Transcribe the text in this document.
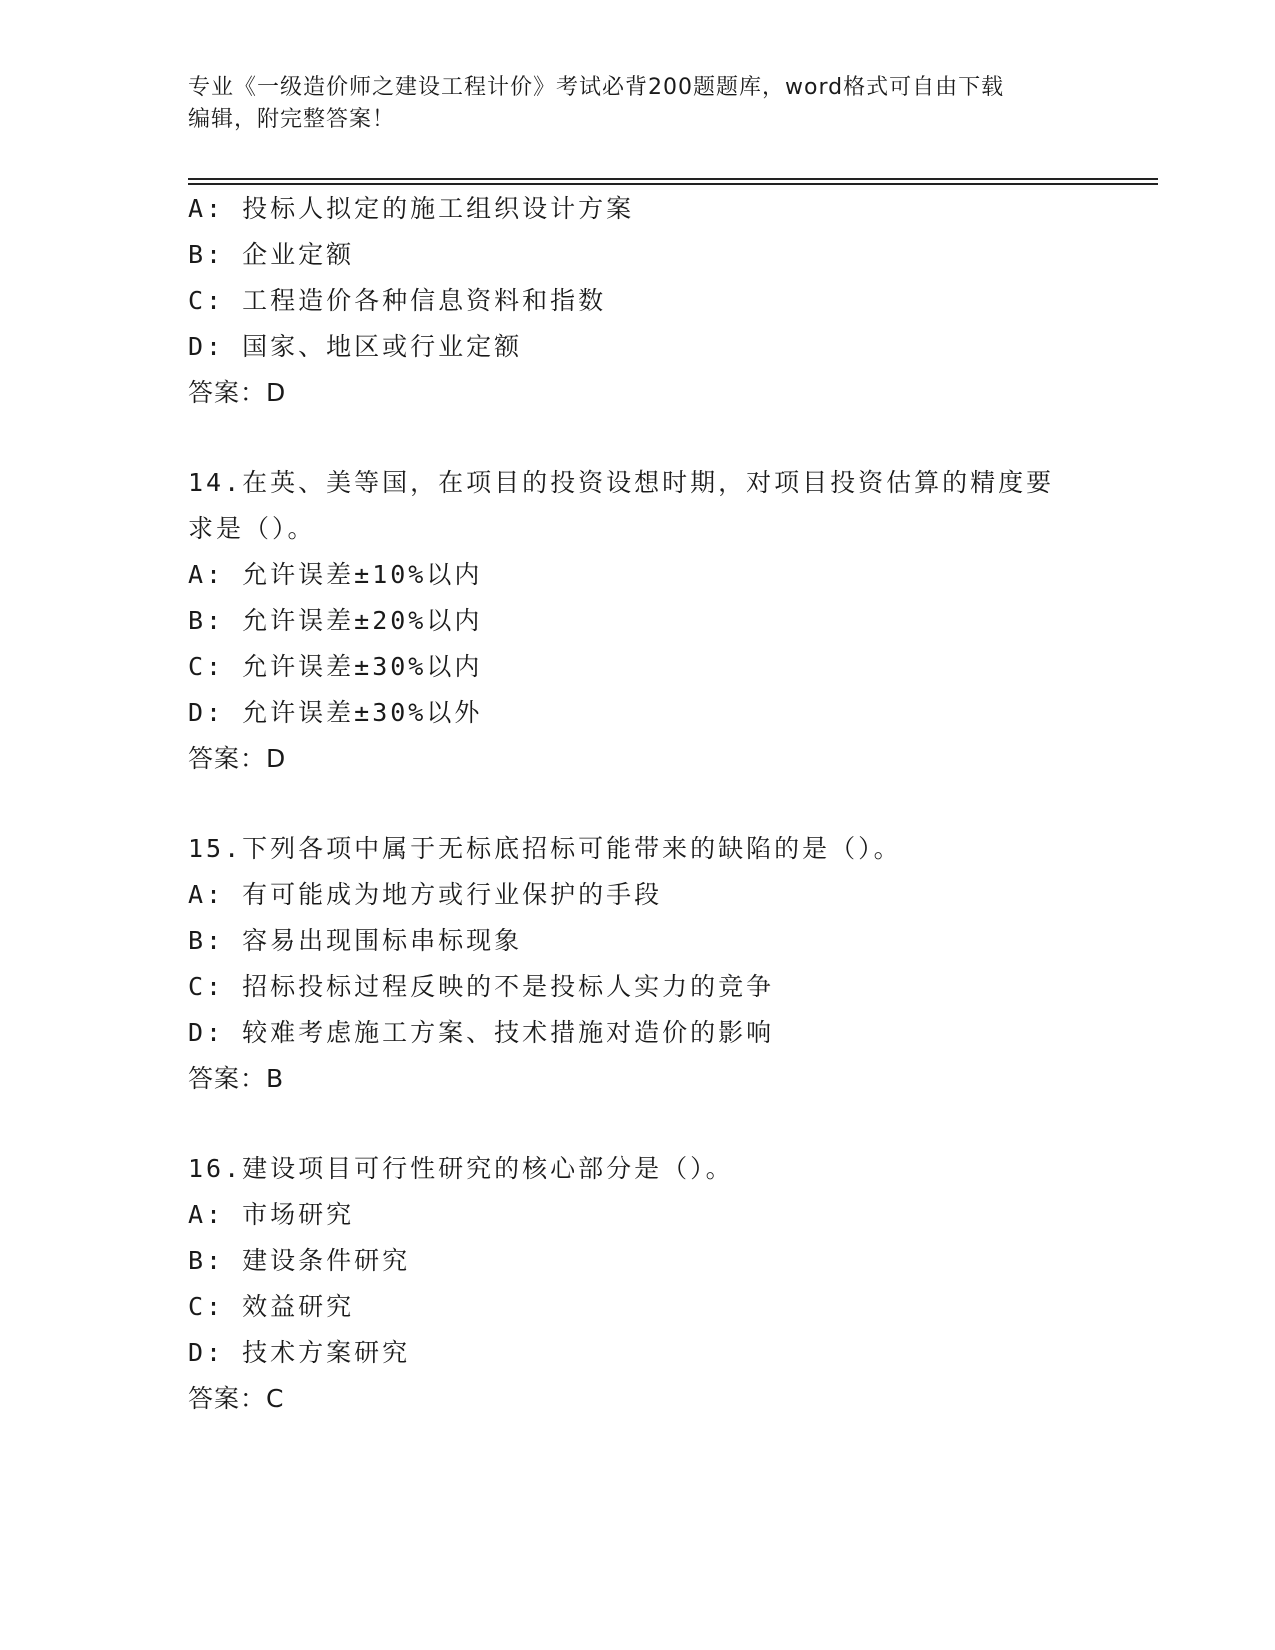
专业《一级造价师之建设工程计价》考试必背200题题库，word格式可自由下载
编辑，附完整答案！
A: 投标人拟定的施工组织设计方案
B: 企业定额
C: 工程造价各种信息资料和指数
D: 国家、地区或行业定额
答案：D
14.在英、美等国，在项目的投资设想时期，对项目投资估算的精度要
求是（）。
A: 允许误差±10%以内
B: 允许误差±20%以内
C: 允许误差±30%以内
D: 允许误差±30%以外
答案：D
15.下列各项中属于无标底招标可能带来的缺陷的是（）。
A: 有可能成为地方或行业保护的手段
B: 容易出现围标串标现象
C: 招标投标过程反映的不是投标人实力的竞争
D: 较难考虑施工方案、技术措施对造价的影响
答案：B
16.建设项目可行性研究的核心部分是（）。
A: 市场研究
B: 建设条件研究
C: 效益研究
D: 技术方案研究
答案：C
